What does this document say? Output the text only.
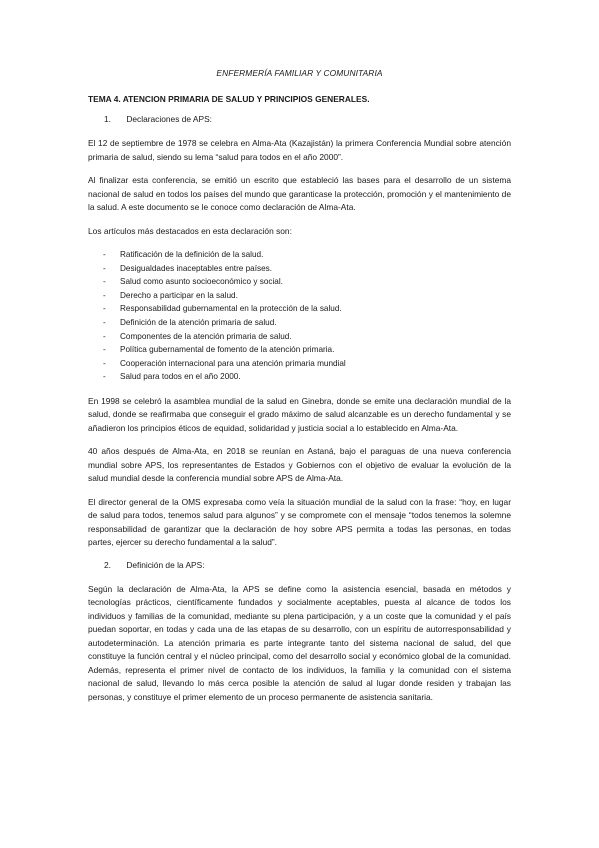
ENFERMERÍA FAMILIAR Y COMUNITARIA
TEMA 4. ATENCION PRIMARIA DE SALUD Y PRINCIPIOS GENERALES.
1. Declaraciones de APS:

El 12 de septiembre de 1978 se celebra en Alma-Ata (Kazajistán) la primera Conferencia Mundial sobre atención primaria de salud, siendo su lema “salud para todos en el año 2000”.

Al finalizar esta conferencia, se emitió un escrito que estableció las bases para el desarrollo de un sistema nacional de salud en todos los países del mundo que garanticase la protección, promoción y el mantenimiento de la salud. A este documento se le conoce como declaración de Alma-Ata.

Los artículos más destacados en esta declaración son:

- Ratificación de la definición de la salud.
- Desigualdades inaceptables entre países.
- Salud como asunto socioeconómico y social.
- Derecho a participar en la salud.
- Responsabilidad gubernamental en la protección de la salud.
- Definición de la atención primaria de salud.
- Componentes de la atención primaria de salud.
- Política gubernamental de fomento de la atención primaria.
- Cooperación internacional para una atención primaria mundial
- Salud para todos en el año 2000.

En 1998 se celebró la asamblea mundial de la salud en Ginebra, donde se emite una declaración mundial de la salud, donde se reafirmaba que conseguir el grado máximo de salud alcanzable es un derecho fundamental y se añadieron los principios éticos de equidad, solidaridad y justicia social a lo establecido en Alma-Ata.

40 años después de Alma-Ata, en 2018 se reunían en Astaná, bajo el paraguas de una nueva conferencia mundial sobre APS, los representantes de Estados y Gobiernos con el objetivo de evaluar la evolución de la salud mundial desde la conferencia mundial sobre APS de Alma-Ata.

El director general de la OMS expresaba como veía la situación mundial de la salud con la frase: “hoy, en lugar de salud para todos, tenemos salud para algunos” y se compromete con el mensaje “todos tenemos la solemne responsabilidad de garantizar que la declaración de hoy sobre APS permita a todas las personas, en todas partes, ejercer su derecho fundamental a la salud”.

2. Definición de la APS:

Según la declaración de Alma-Ata, la APS se define como la asistencia esencial, basada en métodos y tecnologías prácticos, científicamente fundados y socialmente aceptables, puesta al alcance de todos los individuos y familias de la comunidad, mediante su plena participación, y a un coste que la comunidad y el país puedan soportar, en todas y cada una de las etapas de su desarrollo, con un espíritu de autorresponsabilidad y autodeterminación. La atención primaria es parte integrante tanto del sistema nacional de salud, del que constituye la función central y el núcleo principal, como del desarrollo social y económico global de la comunidad. Además, representa el primer nivel de contacto de los individuos, la familia y la comunidad con el sistema nacional de salud, llevando lo más cerca posible la atención de salud al lugar donde residen y trabajan las personas, y constituye el primer elemento de un proceso permanente de asistencia sanitaria.
